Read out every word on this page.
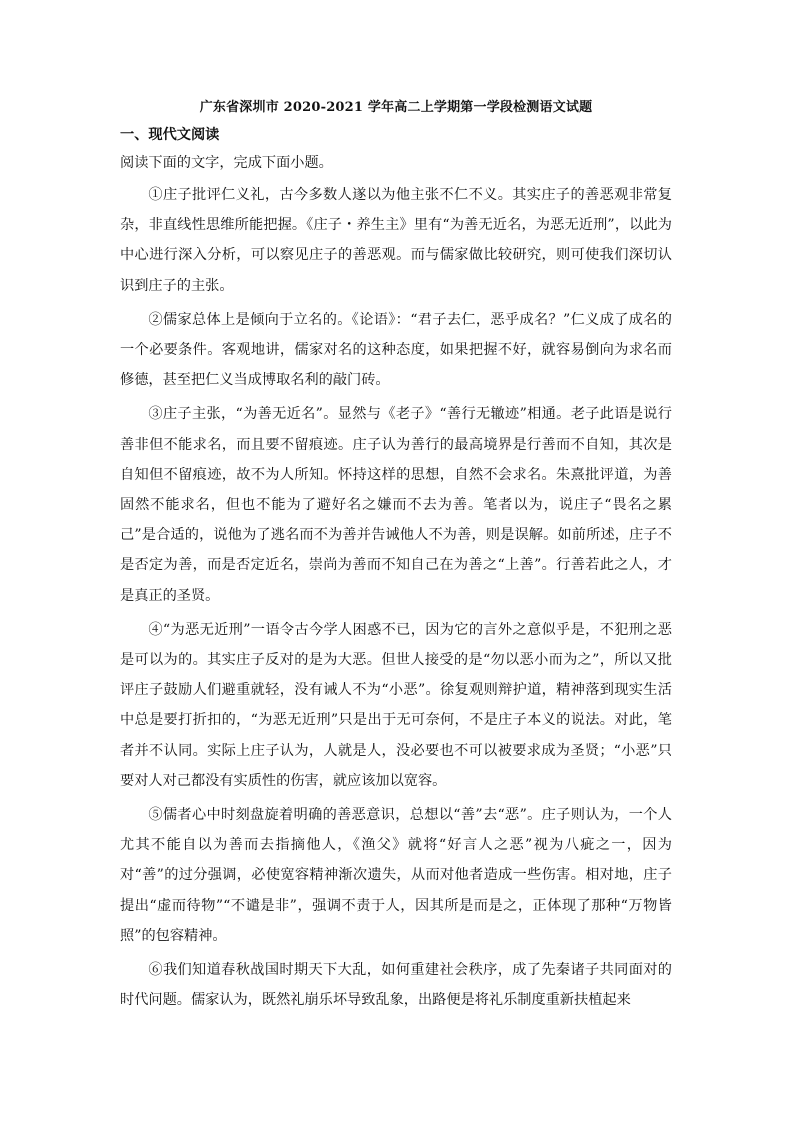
广东省深圳市 2020-2021 学年高二上学期第一学段检测语文试题
一、现代文阅读

阅读下面的文字，完成下面小题。

①庄子批评仁义礼，古今多数人遂以为他主张不仁不义。其实庄子的善恶观非常复杂，非直线性思维所能把握。《庄子・养生主》里有“为善无近名，为恶无近刑”，以此为中心进行深入分析，可以察见庄子的善恶观。而与儒家做比较研究，则可使我们深切认识到庄子的主张。

②儒家总体上是倾向于立名的。《论语》：“君子去仁，恶乎成名？”仁义成了成名的一个必要条件。客观地讲，儒家对名的这种态度，如果把握不好，就容易倒向为求名而修德，甚至把仁义当成博取名利的敲门砖。

③庄子主张，“为善无近名”。显然与《老子》“善行无辙迹”相通。老子此语是说行善非但不能求名，而且要不留痕迹。庄子认为善行的最高境界是行善而不自知，其次是自知但不留痕迹，故不为人所知。怀持这样的思想，自然不会求名。朱熹批评道，为善固然不能求名，但也不能为了避好名之嫌而不去为善。笔者以为，说庄子“畏名之累己”是合适的，说他为了逃名而不为善并告诫他人不为善，则是误解。如前所述，庄子不是否定为善，而是否定近名，崇尚为善而不知自己在为善之“上善”。行善若此之人，才是真正的圣贤。

④“为恶无近刑”一语令古今学人困惑不已，因为它的言外之意似乎是，不犯刑之恶是可以为的。其实庄子反对的是为大恶。但世人接受的是“勿以恶小而为之”，所以又批评庄子鼓励人们避重就轻，没有诫人不为“小恶”。徐复观则辩护道，精神落到现实生活中总是要打折扣的，“为恶无近刑”只是出于无可奈何，不是庄子本义的说法。对此，笔者并不认同。实际上庄子认为，人就是人，没必要也不可以被要求成为圣贤；“小恶”只要对人对己都没有实质性的伤害，就应该加以宽容。

⑤儒者心中时刻盘旋着明确的善恶意识，总想以“善”去“恶”。庄子则认为，一个人尤其不能自以为善而去指摘他人，《渔父》就将“好言人之恶”视为八疵之一，因为对“善”的过分强调，必使宽容精神渐次遗失，从而对他者造成一些伤害。相对地，庄子提出“虚而待物”“不谴是非”，强调不责于人，因其所是而是之，正体现了那种“万物皆照”的包容精神。

⑥我们知道春秋战国时期天下大乱，如何重建社会秩序，成了先秦诸子共同面对的时代问题。儒家认为，既然礼崩乐坏导致乱象，出路便是将礼乐制度重新扶植起来
